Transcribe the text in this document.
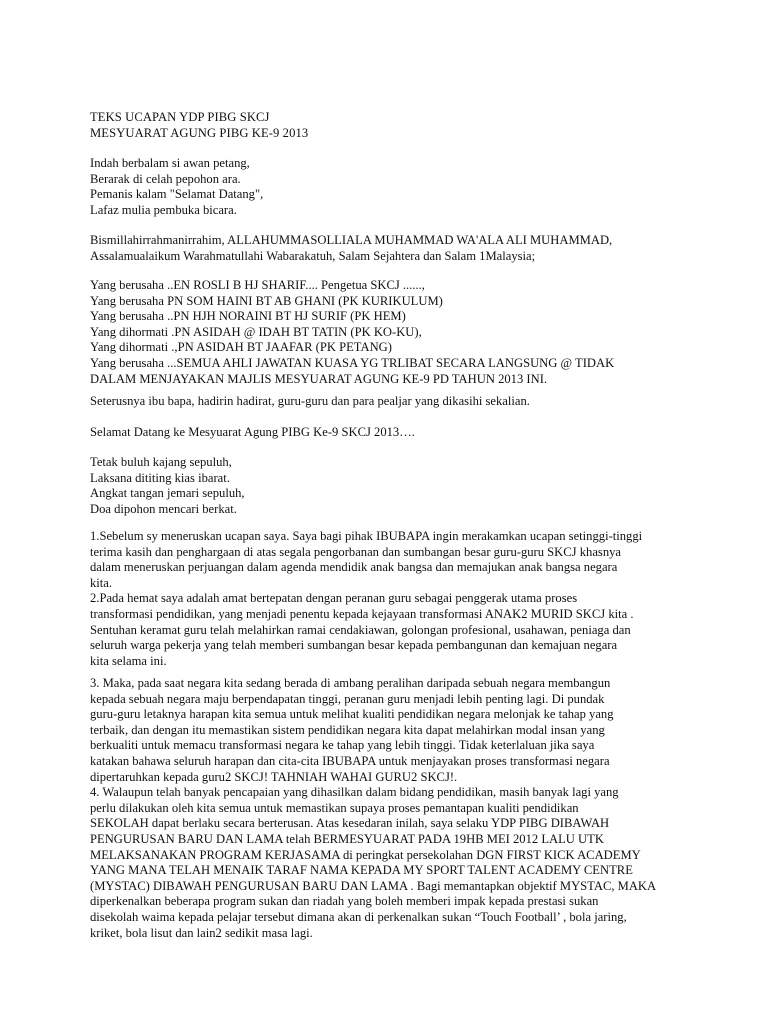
TEKS UCAPAN YDP PIBG SKCJ
MESYUARAT AGUNG PIBG KE-9 2013
Indah berbalam si awan petang,
Berarak di celah pepohon ara.
Pemanis kalam "Selamat Datang",
Lafaz mulia pembuka bicara.
Bismillahirrahmanirrahim, ALLAHUMMASOLLIALA MUHAMMAD WA'ALA ALI MUHAMMAD,
Assalamualaikum Warahmatullahi Wabarakatuh, Salam Sejahtera dan Salam 1Malaysia;
Yang berusaha ..EN ROSLI B HJ SHARIF.... Pengetua SKCJ ......,
Yang berusaha PN SOM HAINI BT AB GHANI (PK KURIKULUM)
Yang berusaha ..PN HJH NORAINI BT HJ SURIF (PK HEM)
Yang dihormati .PN ASIDAH @ IDAH BT TATIN (PK KO-KU),
Yang dihormati .,PN ASIDAH BT JAAFAR (PK PETANG)
Yang berusaha ...SEMUA AHLI JAWATAN KUASA YG TRLIBAT SECARA LANGSUNG @ TIDAK
DALAM MENJAYAKAN MAJLIS MESYUARAT AGUNG KE-9 PD TAHUN 2013 INI.
Seterusnya ibu bapa, hadirin hadirat, guru-guru dan para pealjar yang dikasihi sekalian.
Selamat Datang ke Mesyuarat Agung PIBG Ke-9 SKCJ 2013….
Tetak buluh kajang sepuluh,
Laksana dititing kias ibarat.
Angkat tangan jemari sepuluh,
Doa dipohon mencari berkat.
1.Sebelum sy meneruskan ucapan saya. Saya bagi pihak IBUBAPA ingin merakamkan ucapan setinggi-tinggi
terima kasih dan penghargaan di atas segala pengorbanan dan sumbangan besar guru-guru SKCJ khasnya
dalam meneruskan perjuangan dalam agenda mendidik anak bangsa dan memajukan anak bangsa negara
kita.
2.Pada hemat saya adalah amat bertepatan dengan peranan guru sebagai penggerak utama proses
transformasi pendidikan, yang menjadi penentu kepada kejayaan transformasi ANAK2 MURID SKCJ kita .
Sentuhan keramat guru telah melahirkan ramai cendakiawan, golongan profesional, usahawan, peniaga dan
seluruh warga pekerja yang telah memberi sumbangan besar kepada pembangunan dan kemajuan negara
kita selama ini.
3. Maka, pada saat negara kita sedang berada di ambang peralihan daripada sebuah negara membangun
kepada sebuah negara maju berpendapatan tinggi, peranan guru menjadi lebih penting lagi. Di pundak
guru-guru letaknya harapan kita semua untuk melihat kualiti pendidikan negara melonjak ke tahap yang
terbaik, dan dengan itu memastikan sistem pendidikan negara kita dapat melahirkan modal insan yang
berkualiti untuk memacu transformasi negara ke tahap yang lebih tinggi. Tidak keterlaluan jika saya
katakan bahawa seluruh harapan dan cita-cita IBUBAPA untuk menjayakan proses transformasi negara
dipertaruhkan kepada guru2 SKCJ! TAHNIAH WAHAI GURU2 SKCJ!.
4. Walaupun telah banyak pencapaian yang dihasilkan dalam bidang pendidikan, masih banyak lagi yang
perlu dilakukan oleh kita semua untuk memastikan supaya proses pemantapan kualiti pendidikan
SEKOLAH dapat berlaku secara berterusan. Atas kesedaran inilah, saya selaku YDP PIBG DIBAWAH
PENGURUSAN BARU DAN LAMA telah BERMESYUARAT PADA 19HB MEI 2012 LALU UTK
MELAKSANAKAN PROGRAM KERJASAMA di peringkat persekolahan DGN FIRST KICK ACADEMY
YANG MANA TELAH MENAIK TARAF NAMA KEPADA MY SPORT TALENT ACADEMY CENTRE
(MYSTAC) DIBAWAH PENGURUSAN BARU DAN LAMA . Bagi memantapkan objektif MYSTAC, MAKA
diperkenalkan beberapa program sukan dan riadah yang boleh memberi impak kepada prestasi sukan
disekolah waima kepada pelajar tersebut dimana akan di perkenalkan sukan “Touch Football’ , bola jaring,
kriket, bola lisut dan lain2 sedikit masa lagi.
